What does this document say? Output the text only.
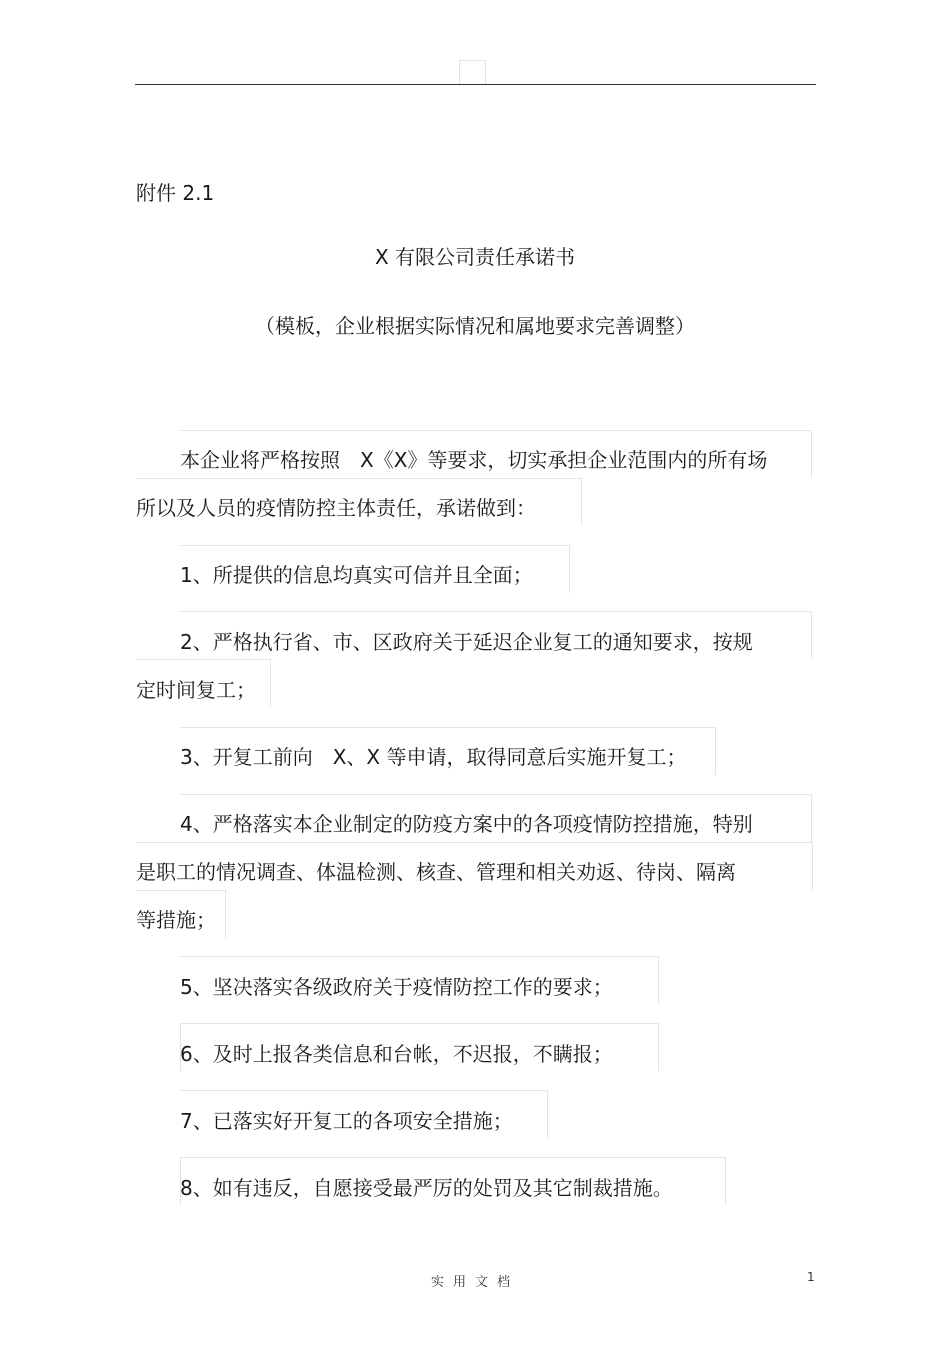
附件 2.1
X 有限公司责任承诺书
（模板，企业根据实际情况和属地要求完善调整）
本企业将严格按照　X《X》等要求，切实承担企业范围内的所有场
所以及人员的疫情防控主体责任，承诺做到：
1、所提供的信息均真实可信并且全面；
2、严格执行省、市、区政府关于延迟企业复工的通知要求，按规
定时间复工；
3、开复工前向　X、X 等申请，取得同意后实施开复工；
4、严格落实本企业制定的防疫方案中的各项疫情防控措施，特别
是职工的情况调查、体温检测、核查、管理和相关劝返、待岗、隔离
等措施；
5、坚决落实各级政府关于疫情防控工作的要求；
6、及时上报各类信息和台帐，不迟报，不瞒报；
7、已落实好开复工的各项安全措施；
8、如有违反，自愿接受最严厉的处罚及其它制裁措施。
实用文档	1
